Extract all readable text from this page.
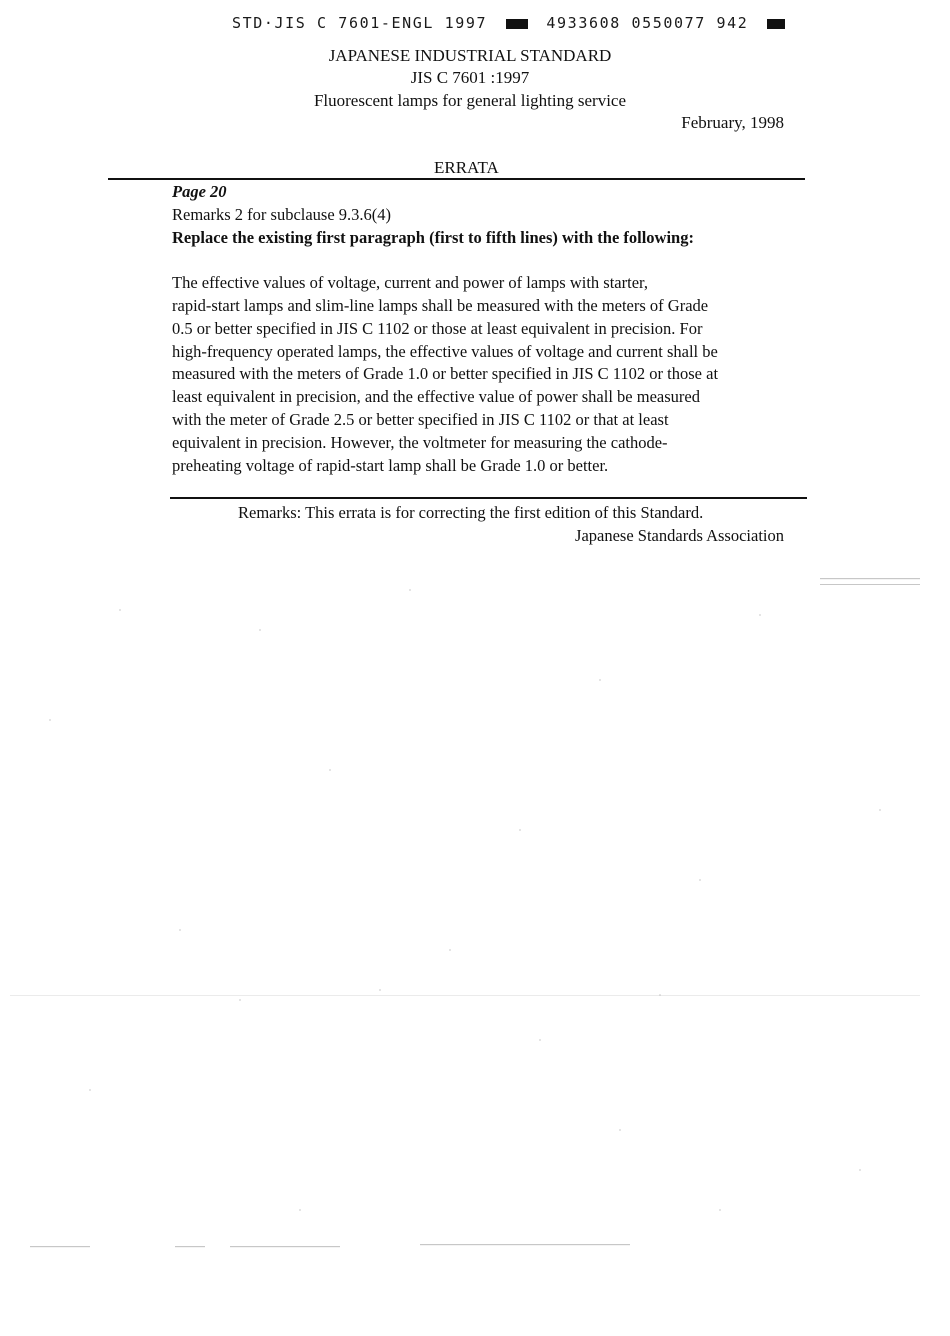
STD·JIS C 7601-ENGL 1997	4933608 0550077 942
JAPANESE INDUSTRIAL STANDARD
JIS C 7601 :1997
Fluorescent lamps for general lighting service
February, 1998
ERRATA

Page 20

Remarks 2 for subclause 9.3.6(4)

Replace the existing first paragraph (first to fifth lines) with the following:

The effective values of voltage, current and power of lamps with starter,

rapid-start lamps and slim-line lamps shall be measured with the meters of Grade

0.5 or better specified in JIS C 1102 or those at least equivalent in precision. For

high-frequency operated lamps, the effective values of voltage and current shall be

measured with the meters of Grade 1.0 or better specified in JIS C 1102 or those at

least equivalent in precision, and the effective value of power shall be measured

with the meter of Grade 2.5 or better specified in JIS C 1102 or that at least

equivalent in precision. However, the voltmeter for measuring the cathode-

preheating voltage of rapid-start lamp shall be Grade 1.0 or better.

Remarks: This errata is for correcting the first edition of this Standard.
Japanese Standards Association
